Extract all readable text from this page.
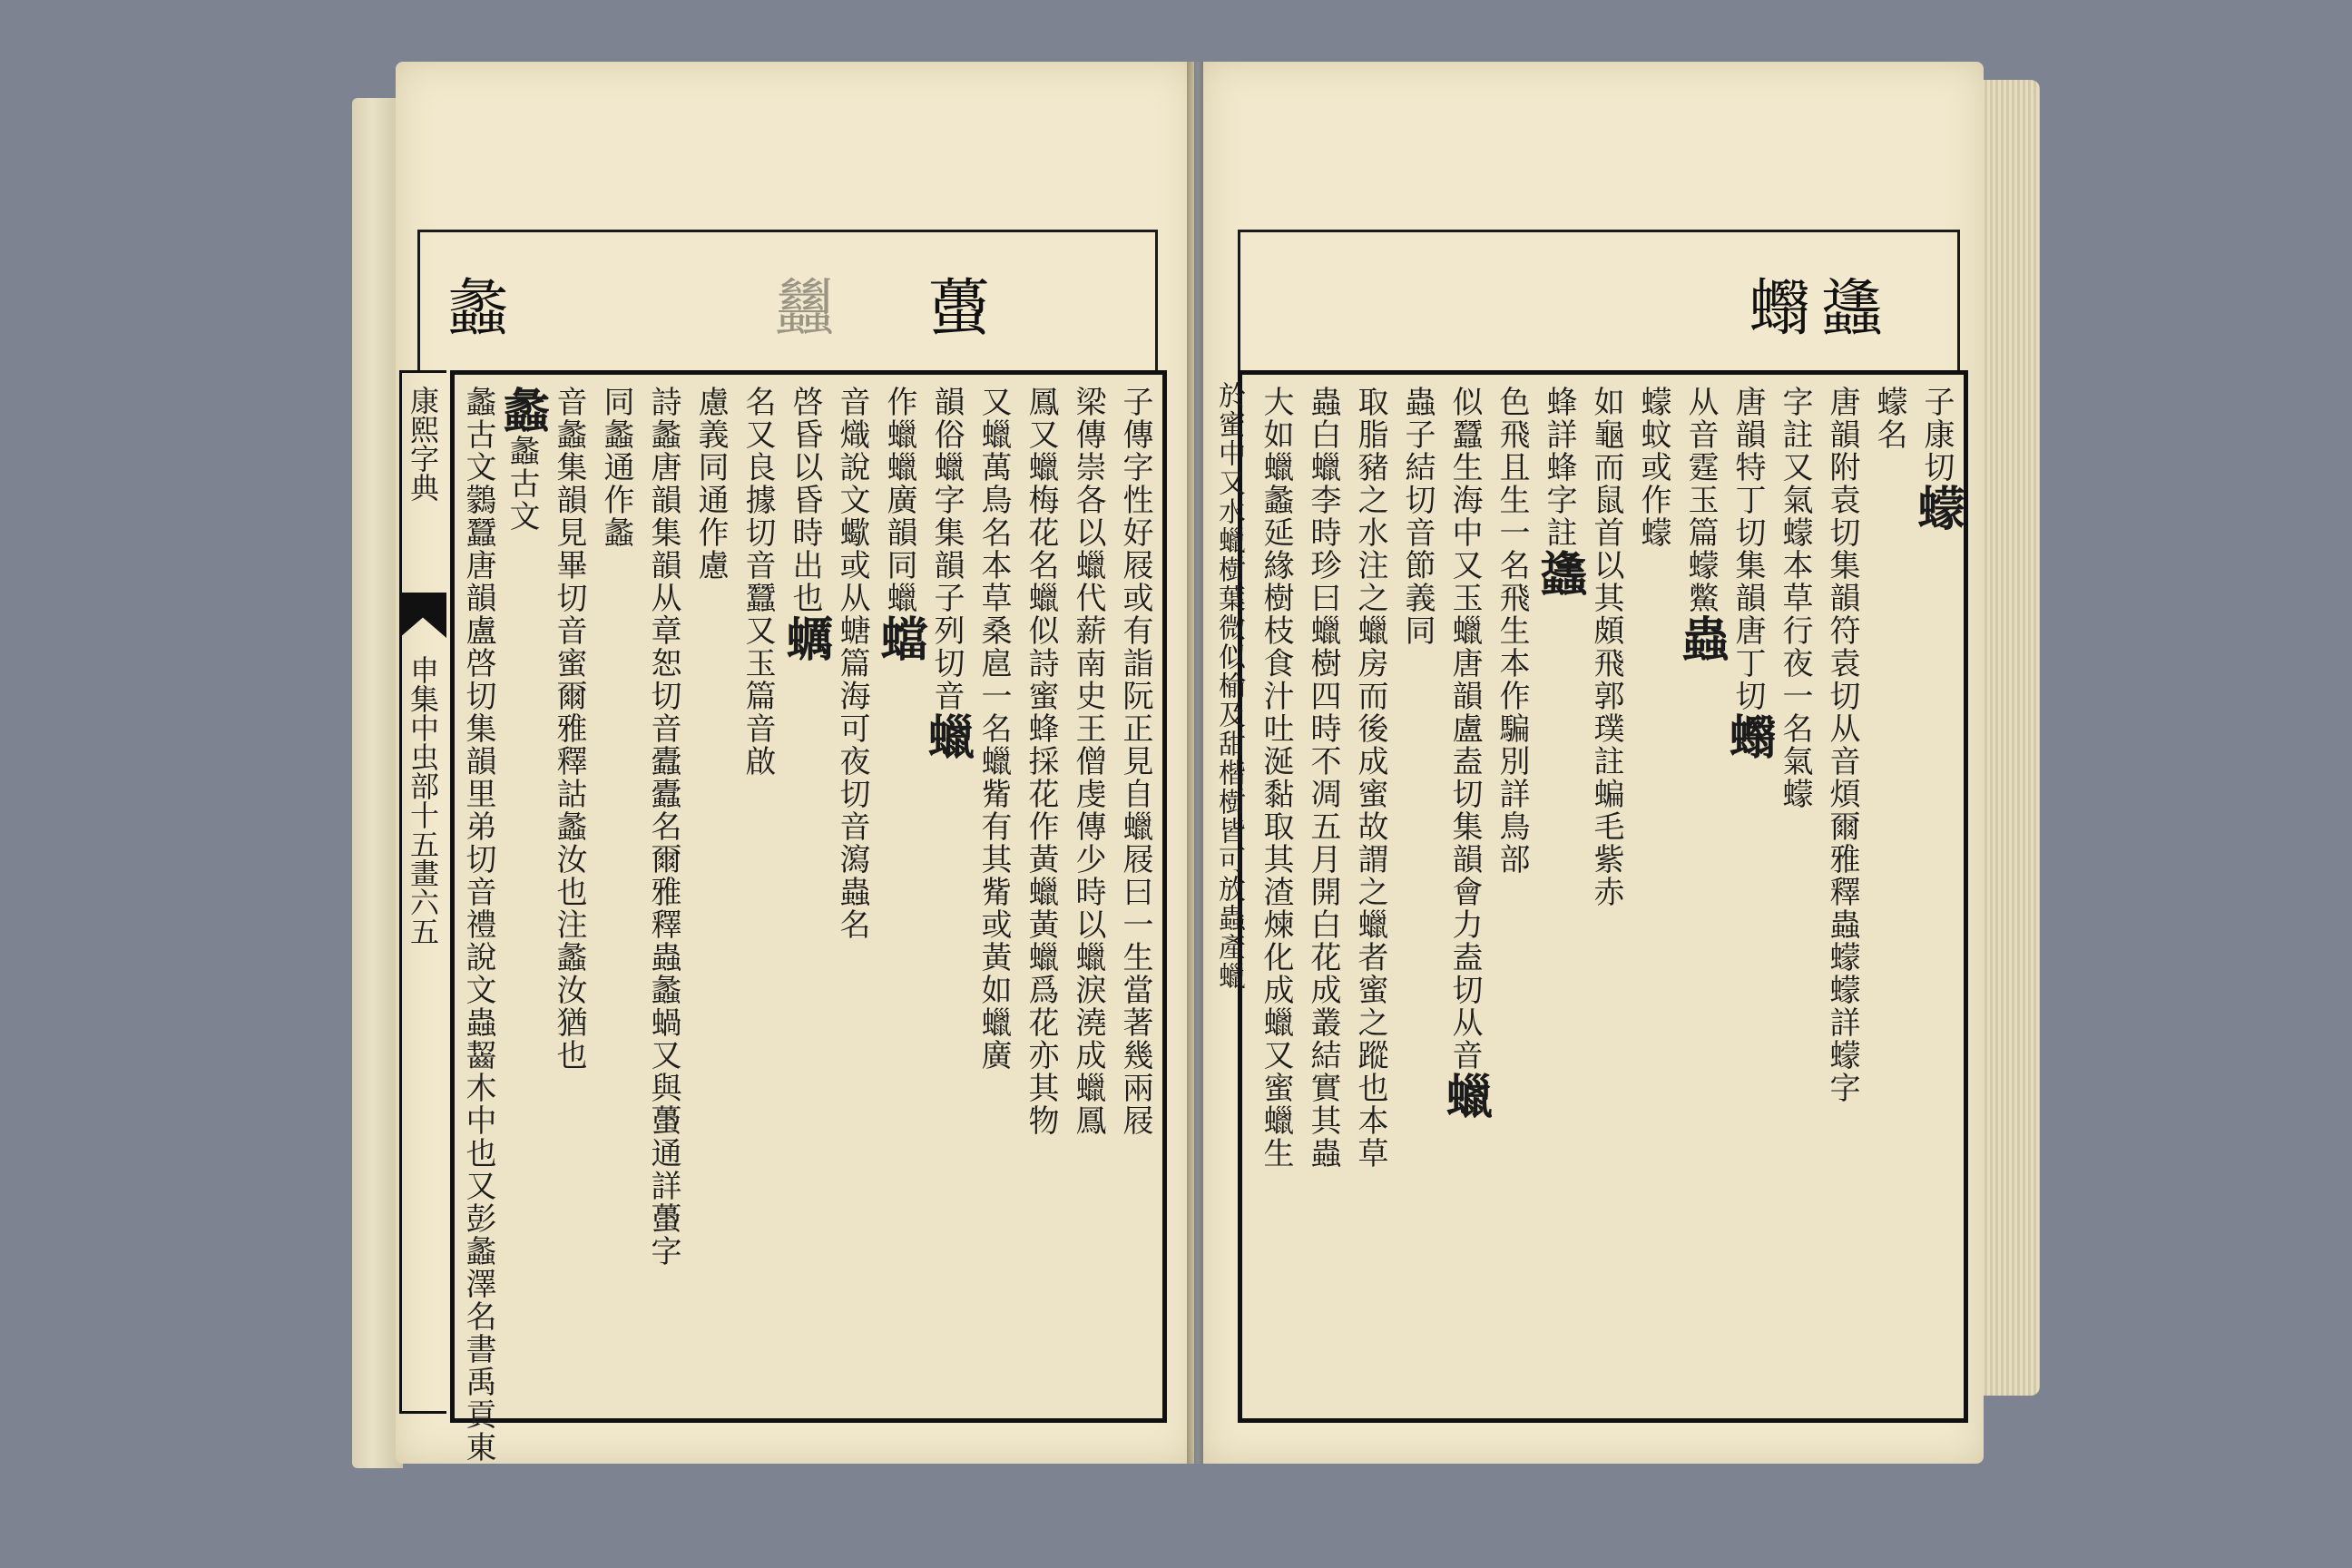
蠡	蠿 蠆
康熙字典
申集中虫部十五畫六五	子傳字性好屐或有詣阮正見自蠟屐曰一生當著幾兩屐
梁傳崇各以蠟代薪南史王僧虔傳少時以蠟淚澆成蠟鳳
鳳又蠟梅花名蠟似詩蜜蜂採花作黃蠟黃蠟爲花亦其物
又蠟萬鳥名本草桑扈一名蠟觜有其觜或黃如蠟廣
韻俗蠟字集韻子列切音蠟
作蠟蠟廣韻同蠟蟷
音熾說文蠍或从螗篇海可夜切音瀉蟲名
啓昏以昏時出也蠣
名又良據切音蠶又玉篇音啟
慮義同通作慮
詩蠡唐韻集韻从章恕切音蠹蠹名爾雅釋蟲蠡蝸又與蠆通詳蠆字
同蠡通作蠡
音蠡集韻見畢切音蜜爾雅釋詁蠡汝也注蠡汝猶也
蠡蠡古文
蠡古文鸏蠶唐韻盧啓切集韻里弟切音禮說文蟲齧木中也又彭蠡澤名書禹貢東
蠭
蠮
子康切蠓
蠓名
唐韻附袁切集韻符袁切从音煩爾雅釋蟲蠓蠓詳蠓字
字註又氣蠓本草行夜一名氣蠓
唐韻特丁切集韻唐丁切蠮
从音霆玉篇蠓鱉蟲
蠓蚊或作蠓
如龜而鼠首以其頗飛郭璞註蝙毛紫赤
蜂詳蜂字註蠭
色飛且生一名飛生本作騙別詳鳥部
似蠶生海中又玉蠟唐韻盧盍切集韻會力盍切从音蠟
蟲子結切音節義同
取脂豬之水注之蠟房而後成蜜故謂之蠟者蜜之蹤也本草
蟲白蠟李時珍曰蠟樹四時不凋五月開白花成叢結實其蟲
大如蠟蠡延緣樹枝食汁吐涎黏取其渣煉化成蠟又蜜蠟生
於蜜中又水蠟樹葉微似榆及甜楷樹皆可放蟲產蠟
